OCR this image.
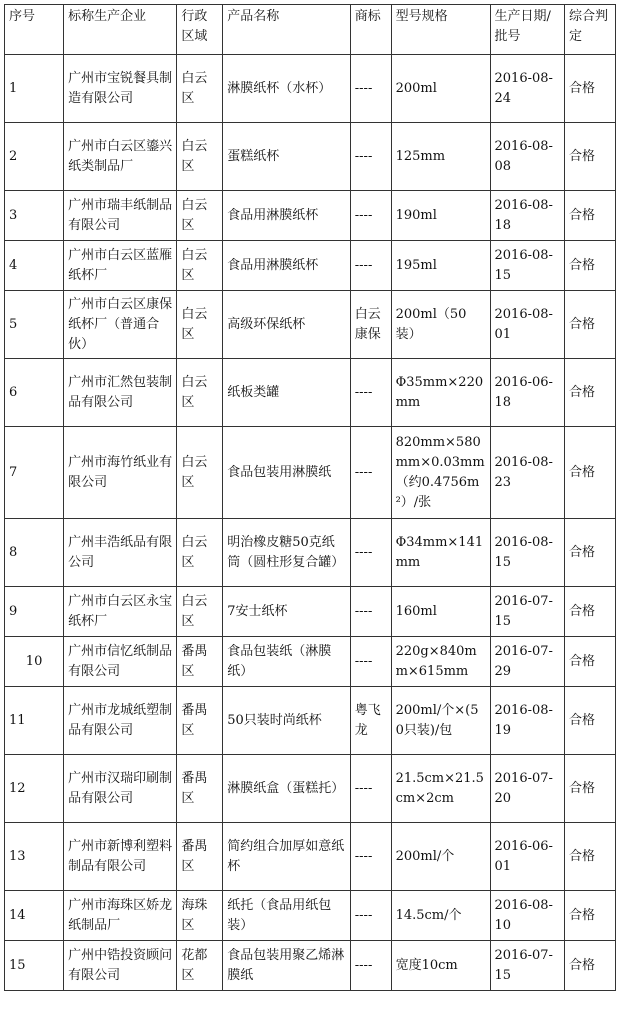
序号	标称生产企业	行政区域	产品名称	商标	型号规格	生产日期/批号	综合判定
1	广州市宝锐餐具制造有限公司	白云区	淋膜纸杯（水杯）	----	200ml	2016-08-24	合格
2	广州市白云区鎏兴纸类制品厂	白云区	蛋糕纸杯	----	125mm	2016-08-08	合格
3	广州市瑞丰纸制品有限公司	白云区	食品用淋膜纸杯	----	190ml	2016-08-18	合格
4	广州市白云区蓝雁纸杯厂	白云区	食品用淋膜纸杯	----	195ml	2016-08-15	合格
5	广州市白云区康保纸杯厂（普通合伙）	白云区	高级环保纸杯	白云康保	200ml（50装）	2016-08-01	合格
6	广州市汇然包装制品有限公司	白云区	纸板类罐	----	Φ35mm×220mm	2016-06-18	合格
7	广州市海竹纸业有限公司	白云区	食品包装用淋膜纸	----	820mm×580mm×0.03mm（约0.4756m²）/张	2016-08-23	合格
8	广州丰浩纸品有限公司	白云区	明治橡皮糖50克纸筒（圆柱形复合罐）	----	Φ34mm×141mm	2016-08-15	合格
9	广州市白云区永宝纸杯厂	白云区	7安士纸杯	----	160ml	2016-07-15	合格
10	广州市信忆纸制品有限公司	番禺区	食品包装纸（淋膜纸）	----	220g×840mm×615mm	2016-07-29	合格
11	广州市龙城纸塑制品有限公司	番禺区	50只装时尚纸杯	粤飞龙	200ml/个×(50只装)/包	2016-08-19	合格
12	广州市汉瑞印刷制品有限公司	番禺区	淋膜纸盒（蛋糕托）	----	21.5cm×21.5cm×2cm	2016-07-20	合格
13	广州市新博利塑料制品有限公司	番禺区	简约组合加厚如意纸杯	----	200ml/个	2016-06-01	合格
14	广州市海珠区娇龙纸制品厂	海珠区	纸托（食品用纸包装）	----	14.5cm/个	2016-08-10	合格
15	广州中锆投资顾问有限公司	花都区	食品包装用聚乙烯淋膜纸	----	宽度10cm	2016-07-15	合格
